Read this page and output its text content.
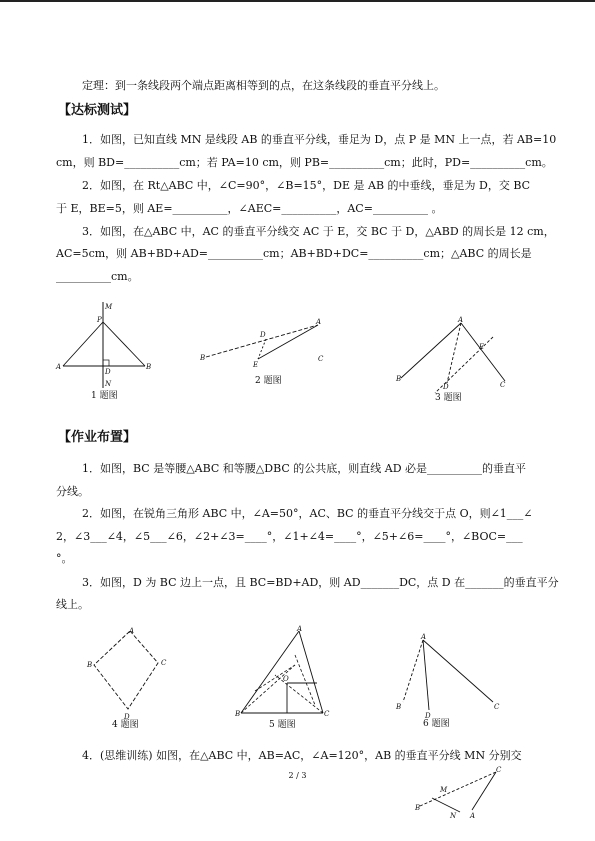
定理：到一条线段两个端点距离相等到的点，在这条线段的垂直平分线上。
【达标测试】
1．如图，已知直线 MN 是线段 AB 的垂直平分线，垂足为 D，点 P 是 MN 上一点，若 AB=10
cm，则 BD=__________cm；若 PA=10 cm，则 PB=__________cm；此时，PD=__________cm。
2．如图，在 Rt△ABC 中，∠C=90°，∠B=15°，DE 是 AB 的中垂线，垂足为 D，交 BC
于 E，BE=5，则 AE=__________，∠AEC=__________，AC=__________ 。
3．如图，在△ABC 中，AC 的垂直平分线交 AC 于 E，交 BC 于 D，△ABD 的周长是 12 cm，
AC=5cm，则 AB+BD+AD=__________cm；AB+BD+DC=__________cm；△ABC 的周长是
__________cm。
M
P
A	B
D
N
1 题图
B
D
A
E
C
2 题图
A
E
B
D	C
3 题图
【作业布置】
1．如图，BC 是等腰△ABC 和等腰△DBC 的公共底，则直线 AD 必是__________的垂直平
分线。
2．如图，在锐角三角形 ABC 中，∠A=50°，AC、BC 的垂直平分线交于点 O，则∠1___∠
2，∠3___∠4，∠5___∠6，∠2+∠3=____°，∠1+∠4=____°，∠5+∠6=____°，∠BOC=___
°。
3．如图，D 为 BC 边上一点，且 BC=BD+AD，则 AD_______DC，点 D 在_______的垂直平分
线上。
A
B	C
D
4 题图
A
O
B	C
5 题图
A
B
D
C
6 题图
4．(思维训练) 如图，在△ABC 中，AB=AC，∠A=120°，AB 的垂直平分线 MN 分别交
2 / 3
C
M
B
N A
